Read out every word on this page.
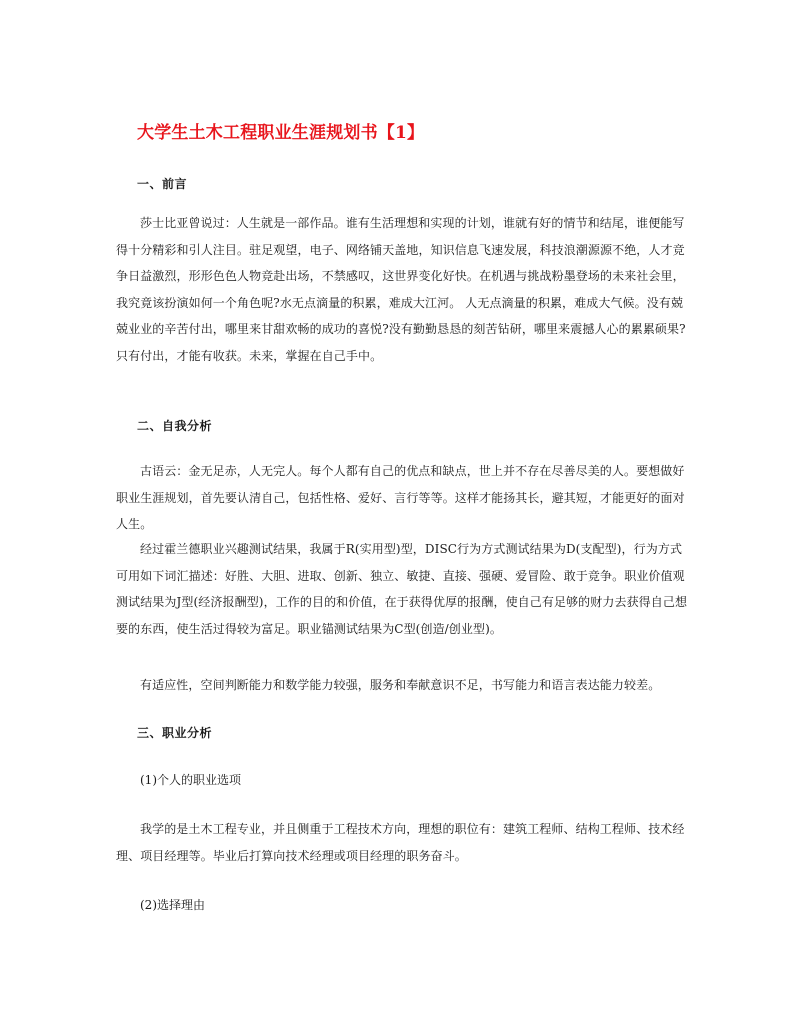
大学生土木工程职业生涯规划书【1】
一、前言

莎士比亚曾说过：人生就是一部作品。谁有生活理想和实现的计划，谁就有好的情节和结尾，谁便能写得十分精彩和引人注目。驻足观望，电子、网络铺天盖地，知识信息飞速发展，科技浪潮源源不绝，人才竞争日益激烈，形形色色人物竞赴出场，不禁感叹，这世界变化好快。在机遇与挑战粉墨登场的未来社会里，我究竟该扮演如何一个角色呢?水无点滴量的积累，难成大江河。 人无点滴量的积累，难成大气候。没有兢兢业业的辛苦付出，哪里来甘甜欢畅的成功的喜悦?没有勤勤恳恳的刻苦钻研，哪里来震撼人心的累累硕果?只有付出，才能有收获。未来，掌握在自己手中。

二、自我分析

古语云：金无足赤，人无完人。每个人都有自己的优点和缺点，世上并不存在尽善尽美的人。要想做好职业生涯规划，首先要认清自己，包括性格、爱好、言行等等。这样才能扬其长，避其短，才能更好的面对人生。

经过霍兰德职业兴趣测试结果，我属于R(实用型)型，DISC行为方式测试结果为D(支配型)，行为方式可用如下词汇描述：好胜、大胆、进取、创新、独立、敏捷、直接、强硬、爱冒险、敢于竞争。职业价值观测试结果为J型(经济报酬型)，工作的目的和价值，在于获得优厚的报酬，使自己有足够的财力去获得自己想要的东西，使生活过得较为富足。职业锚测试结果为C型(创造/创业型)。

有适应性，空间判断能力和数学能力较强，服务和奉献意识不足，书写能力和语言表达能力较差。

三、职业分析
(1)个人的职业选项

我学的是土木工程专业，并且侧重于工程技术方向，理想的职位有：建筑工程师、结构工程师、技术经理、项目经理等。毕业后打算向技术经理或项目经理的职务奋斗。

(2)选择理由
